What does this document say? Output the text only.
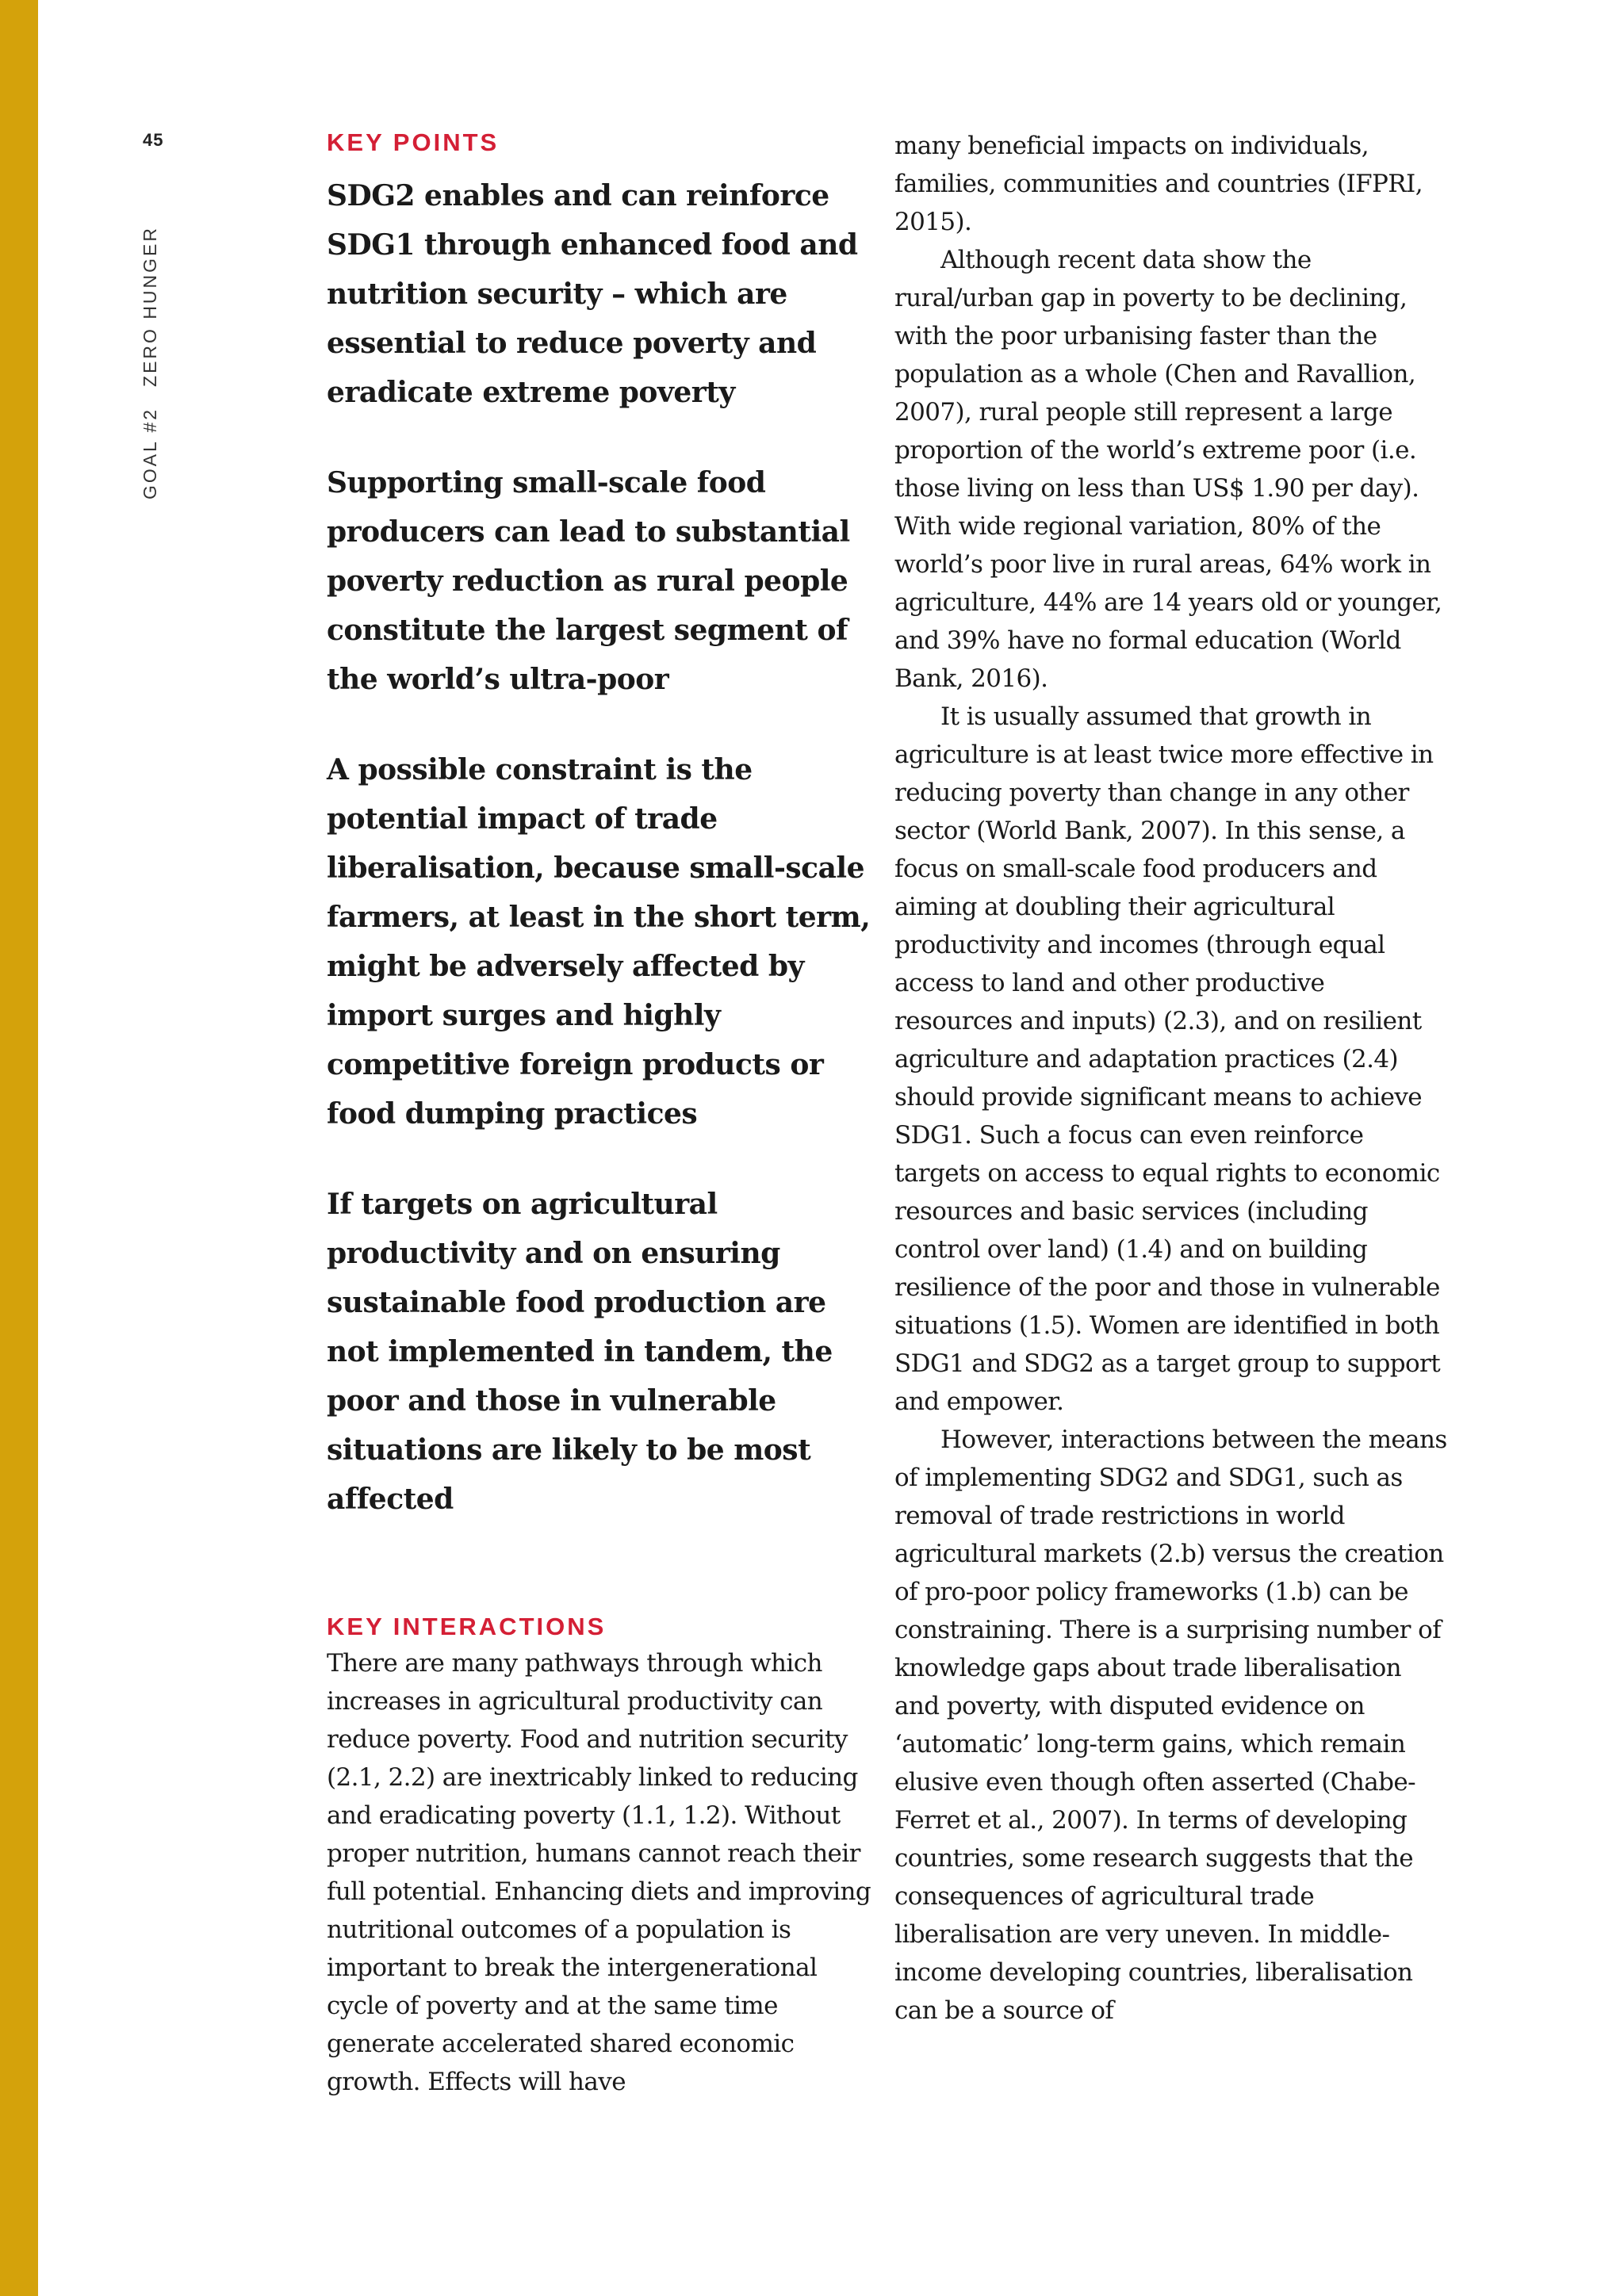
45
GOAL #2ZERO HUNGER
KEY POINTS

SDG2 enables and can reinforce SDG1 through enhanced food and nutrition security – which are essential to reduce poverty and eradicate extreme poverty

Supporting small-scale food producers can lead to substantial poverty reduction as rural people constitute the largest segment of the world’s ultra-poor

A possible constraint is the potential impact of trade liberalisation, because small-scale farmers, at least in the short term, might be adversely affected by import surges and highly competitive foreign products or food dumping practices

If targets on agricultural productivity and on ensuring sustainable food production are not implemented in tandem, the poor and those in vulnerable situations are likely to be most affected

KEY INTERACTIONS

There are many pathways through which increases in agricultural productivity can reduce poverty. Food and nutrition security (2.1, 2.2) are inextricably linked to reducing and eradicating poverty (1.1, 1.2). Without proper nutrition, humans cannot reach their full potential. Enhancing diets and improving nutritional outcomes of a population is important to break the intergenerational cycle of poverty and at the same time generate accelerated shared economic growth. Effects will have

many beneficial impacts on individuals, families, communities and countries (IFPRI, 2015).

Although recent data show the rural/urban gap in poverty to be declining, with the poor urbanising faster than the population as a whole (Chen and Ravallion, 2007), rural people still represent a large proportion of the world’s extreme poor (i.e. those living on less than US$ 1.90 per day). With wide regional variation, 80% of the world’s poor live in rural areas, 64% work in agriculture, 44% are 14 years old or younger, and 39% have no formal education (World Bank, 2016).

It is usually assumed that growth in agriculture is at least twice more effective in reducing poverty than change in any other sector (World Bank, 2007). In this sense, a focus on small-scale food producers and aiming at doubling their agricultural productivity and incomes (through equal access to land and other productive resources and inputs) (2.3), and on resilient agriculture and adaptation practices (2.4) should provide significant means to achieve SDG1. Such a focus can even reinforce targets on access to equal rights to economic resources and basic services (including control over land) (1.4) and on building resilience of the poor and those in vulnerable situations (1.5). Women are identified in both SDG1 and SDG2 as a target group to support and empower.

However, interactions between the means of implementing SDG2 and SDG1, such as removal of trade restrictions in world agricultural markets (2.b) versus the creation of pro-poor policy frameworks (1.b) can be constraining. There is a surprising number of knowledge gaps about trade liberalisation and poverty, with disputed evidence on ‘automatic’ long-term gains, which remain elusive even though often asserted (Chabe-Ferret et al., 2007). In terms of developing countries, some research suggests that the consequences of agricultural trade liberalisation are very uneven. In middle-income developing countries, liberalisation can be a source of
